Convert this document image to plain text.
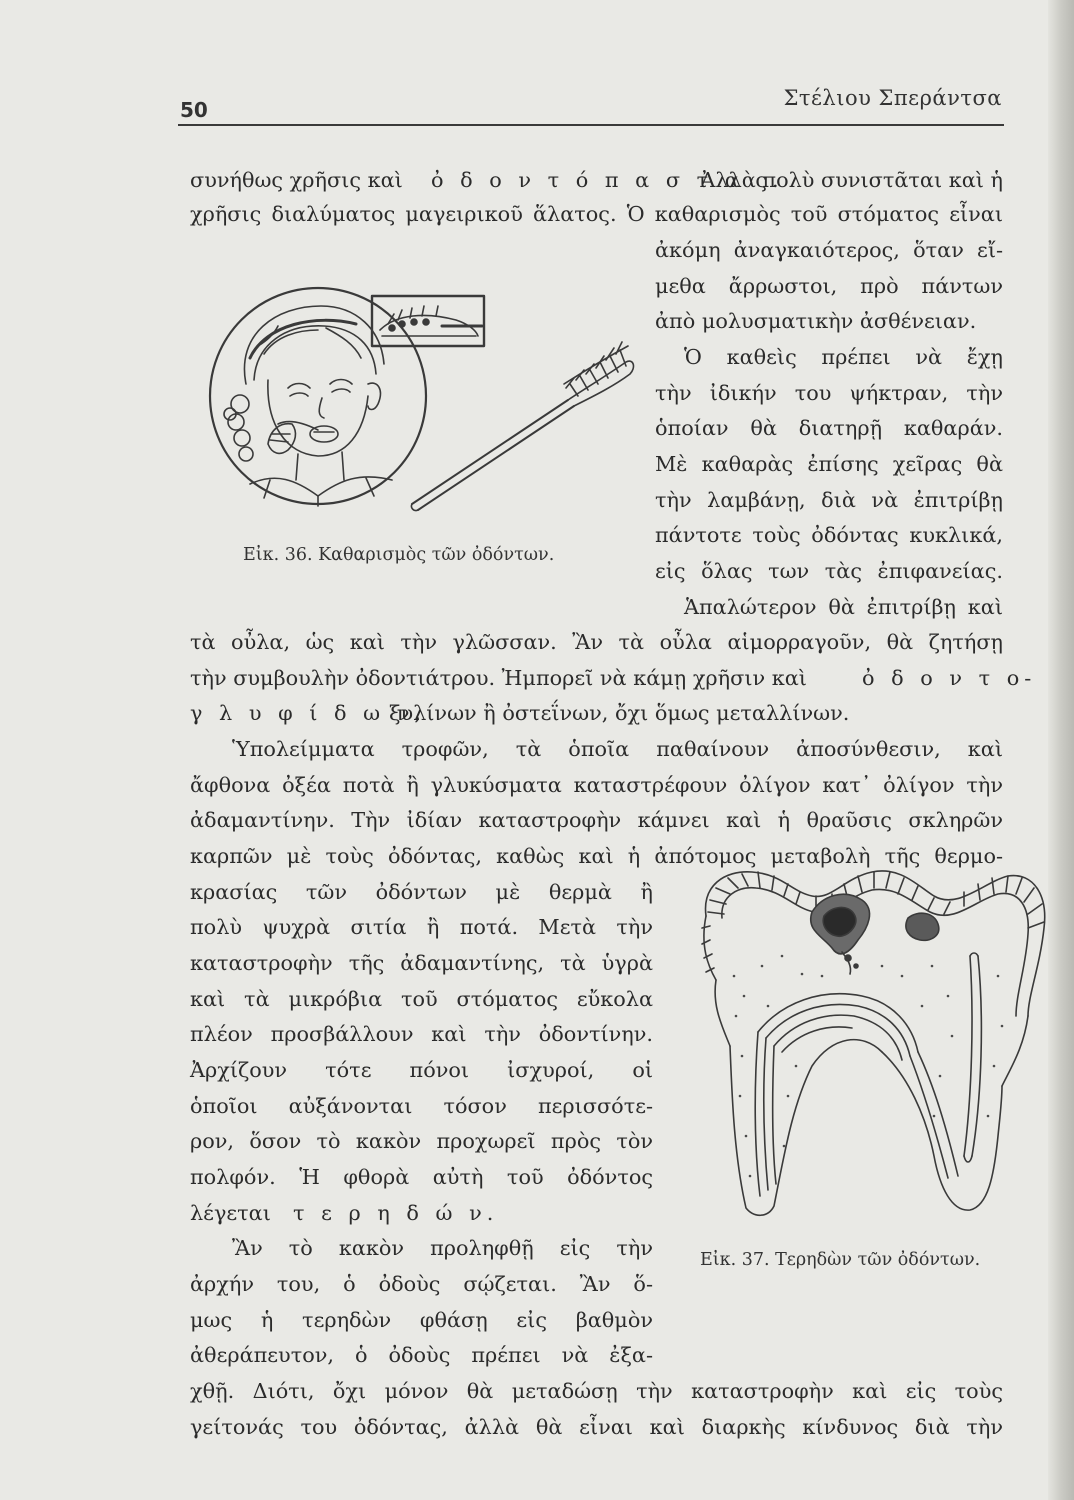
50	Στέλιου Σπεράντσα
συνήθως χρῆσις καὶ ὀ δ ο ν τ ό π α σ τ α ς.
Ἀλλὰ πολὺ συνιστᾶται καὶ ἡ
χρῆσις διαλύματος μαγειρικοῦ ἅλατος. Ὁ καθαρισμὸς τοῦ στόματος εἶναι
ἀκόμη ἀναγκαιότερος, ὅταν εἴ-
μεθα ἄρρωστοι, πρὸ πάντων
ἀπὸ μολυσματικὴν ἀσθένειαν.
Ὁ καθεὶς πρέπει νὰ ἔχῃ
τὴν ἰδικήν του ψήκτραν, τὴν
ὁποίαν θὰ διατηρῇ καθαράν.
Μὲ καθαρὰς ἐπίσης χεῖρας θὰ
τὴν λαμβάνῃ, διὰ νὰ ἐπιτρίβῃ
πάντοτε τοὺς ὀδόντας κυκλικά,
εἰς ὅλας των τὰς ἐπιφανείας.
Ἁπαλώτερον θὰ ἐπιτρίβῃ καὶ
τὰ οὖλα, ὡς καὶ τὴν γλῶσσαν. Ἂν τὰ οὖλα αἱμορραγοῦν, θὰ ζητήσῃ
τὴν συμβουλὴν ὀδοντιάτρου. Ἠμπορεῖ νὰ κάμῃ χρῆσιν καὶ	ὀ δ ο ν τ ο-
γ λ υ φ ί δ ω ν,
ξυλίνων ἢ ὀστεΐνων, ὄχι ὅμως μεταλλίνων.
Ὑπολείμματα τροφῶν, τὰ ὁποῖα παθαίνουν ἀποσύνθεσιν, καὶ
ἄφθονα ὀξέα ποτὰ ἢ γλυκύσματα καταστρέφουν ὀλίγον κατ᾿ ὀλίγον τὴν
ἀδαμαντίνην. Τὴν ἰδίαν καταστροφὴν κάμνει καὶ ἡ θραῦσις σκληρῶν
καρπῶν μὲ τοὺς ὀδόντας, καθὼς καὶ ἡ ἀπότομος μεταβολὴ τῆς θερμο-
κρασίας τῶν ὀδόντων μὲ θερμὰ ἢ
πολὺ ψυχρὰ σιτία ἢ ποτά. Μετὰ τὴν
καταστροφὴν τῆς ἀδαμαντίνης, τὰ ὑγρὰ
καὶ τὰ μικρόβια τοῦ στόματος εὔκολα
πλέον προσβάλλουν καὶ τὴν ὀδοντίνην.
Ἀρχίζουν τότε πόνοι ἰσχυροί, οἱ
ὁποῖοι αὐξάνονται τόσον περισσότε-
ρον, ὅσον τὸ κακὸν προχωρεῖ πρὸς τὸν
πολφόν. Ἡ φθορὰ αὐτὴ τοῦ ὀδόντος
λέγεται τ ε ρ η δ ώ ν.
Ἂν τὸ κακὸν προληφθῇ εἰς τὴν
ἀρχήν του, ὁ ὀδοὺς σῴζεται. Ἂν ὅ-
μως ἡ τερηδὼν φθάσῃ εἰς βαθμὸν
ἀθεράπευτον, ὁ ὀδοὺς πρέπει νὰ ἐξα-
χθῇ. Διότι, ὄχι μόνον θὰ μεταδώσῃ τὴν καταστροφὴν καὶ εἰς τοὺς
γείτονάς του ὀδόντας, ἀλλὰ θὰ εἶναι καὶ διαρκὴς κίνδυνος διὰ τὴν
Εἰκ. 36. Καθαρισμὸς τῶν ὀδόντων.
Εἰκ. 37. Τερηδὼν τῶν ὀδόντων.
